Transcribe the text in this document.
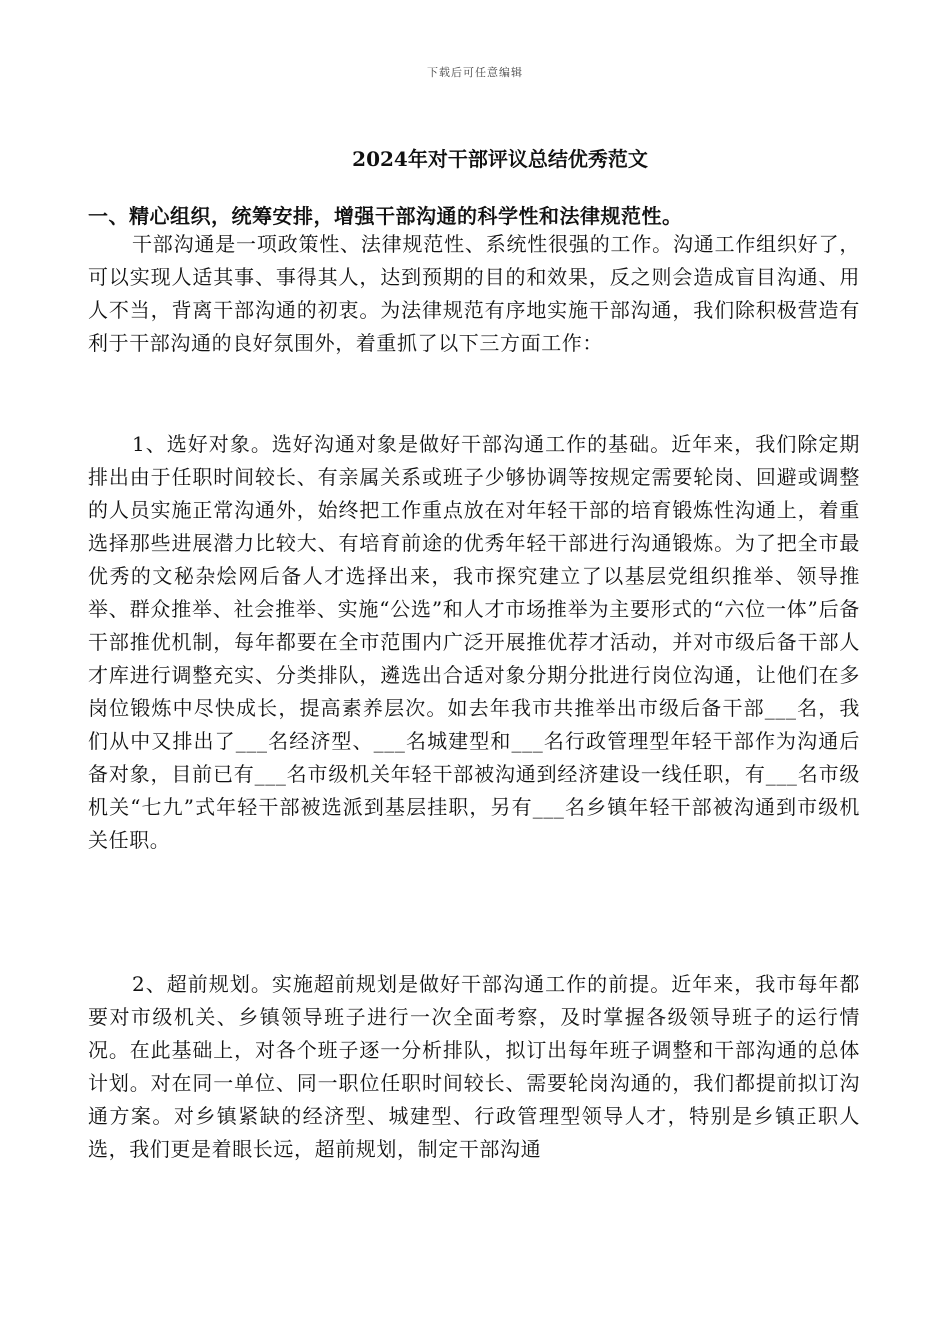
下载后可任意编辑
2024年对干部评议总结优秀范文
一、精心组织，统筹安排，增强干部沟通的科学性和法律规范性。

干部沟通是一项政策性、法律规范性、系统性很强的工作。沟通工作组织好了，可以实现人适其事、事得其人，达到预期的目的和效果，反之则会造成盲目沟通、用人不当，背离干部沟通的初衷。为法律规范有序地实施干部沟通，我们除积极营造有利于干部沟通的良好氛围外，着重抓了以下三方面工作：

1、选好对象。选好沟通对象是做好干部沟通工作的基础。近年来，我们除定期排出由于任职时间较长、有亲属关系或班子少够协调等按规定需要轮岗、回避或调整的人员实施正常沟通外，始终把工作重点放在对年轻干部的培育锻炼性沟通上，着重选择那些进展潜力比较大、有培育前途的优秀年轻干部进行沟通锻炼。为了把全市最优秀的文秘杂烩网后备人才选择出来，我市探究建立了以基层党组织推举、领导推举、群众推举、社会推举、实施“公选”和人才市场推举为主要形式的“六位一体”后备干部推优机制，每年都要在全市范围内广泛开展推优荐才活动，并对市级后备干部人才库进行调整充实、分类排队，遴选出合适对象分期分批进行岗位沟通，让他们在多岗位锻炼中尽快成长，提高素养层次。如去年我市共推举出市级后备干部___名，我们从中又排出了___名经济型、___名城建型和___名行政管理型年轻干部作为沟通后备对象，目前已有___名市级机关年轻干部被沟通到经济建设一线任职，有___名市级机关“七九”式年轻干部被选派到基层挂职，另有___名乡镇年轻干部被沟通到市级机关任职。

2、超前规划。实施超前规划是做好干部沟通工作的前提。近年来，我市每年都要对市级机关、乡镇领导班子进行一次全面考察，及时掌握各级领导班子的运行情况。在此基础上，对各个班子逐一分析排队，拟订出每年班子调整和干部沟通的总体计划。对在同一单位、同一职位任职时间较长、需要轮岗沟通的，我们都提前拟订沟通方案。对乡镇紧缺的经济型、城建型、行政管理型领导人才，特别是乡镇正职人选，我们更是着眼长远，超前规划，制定干部沟通
